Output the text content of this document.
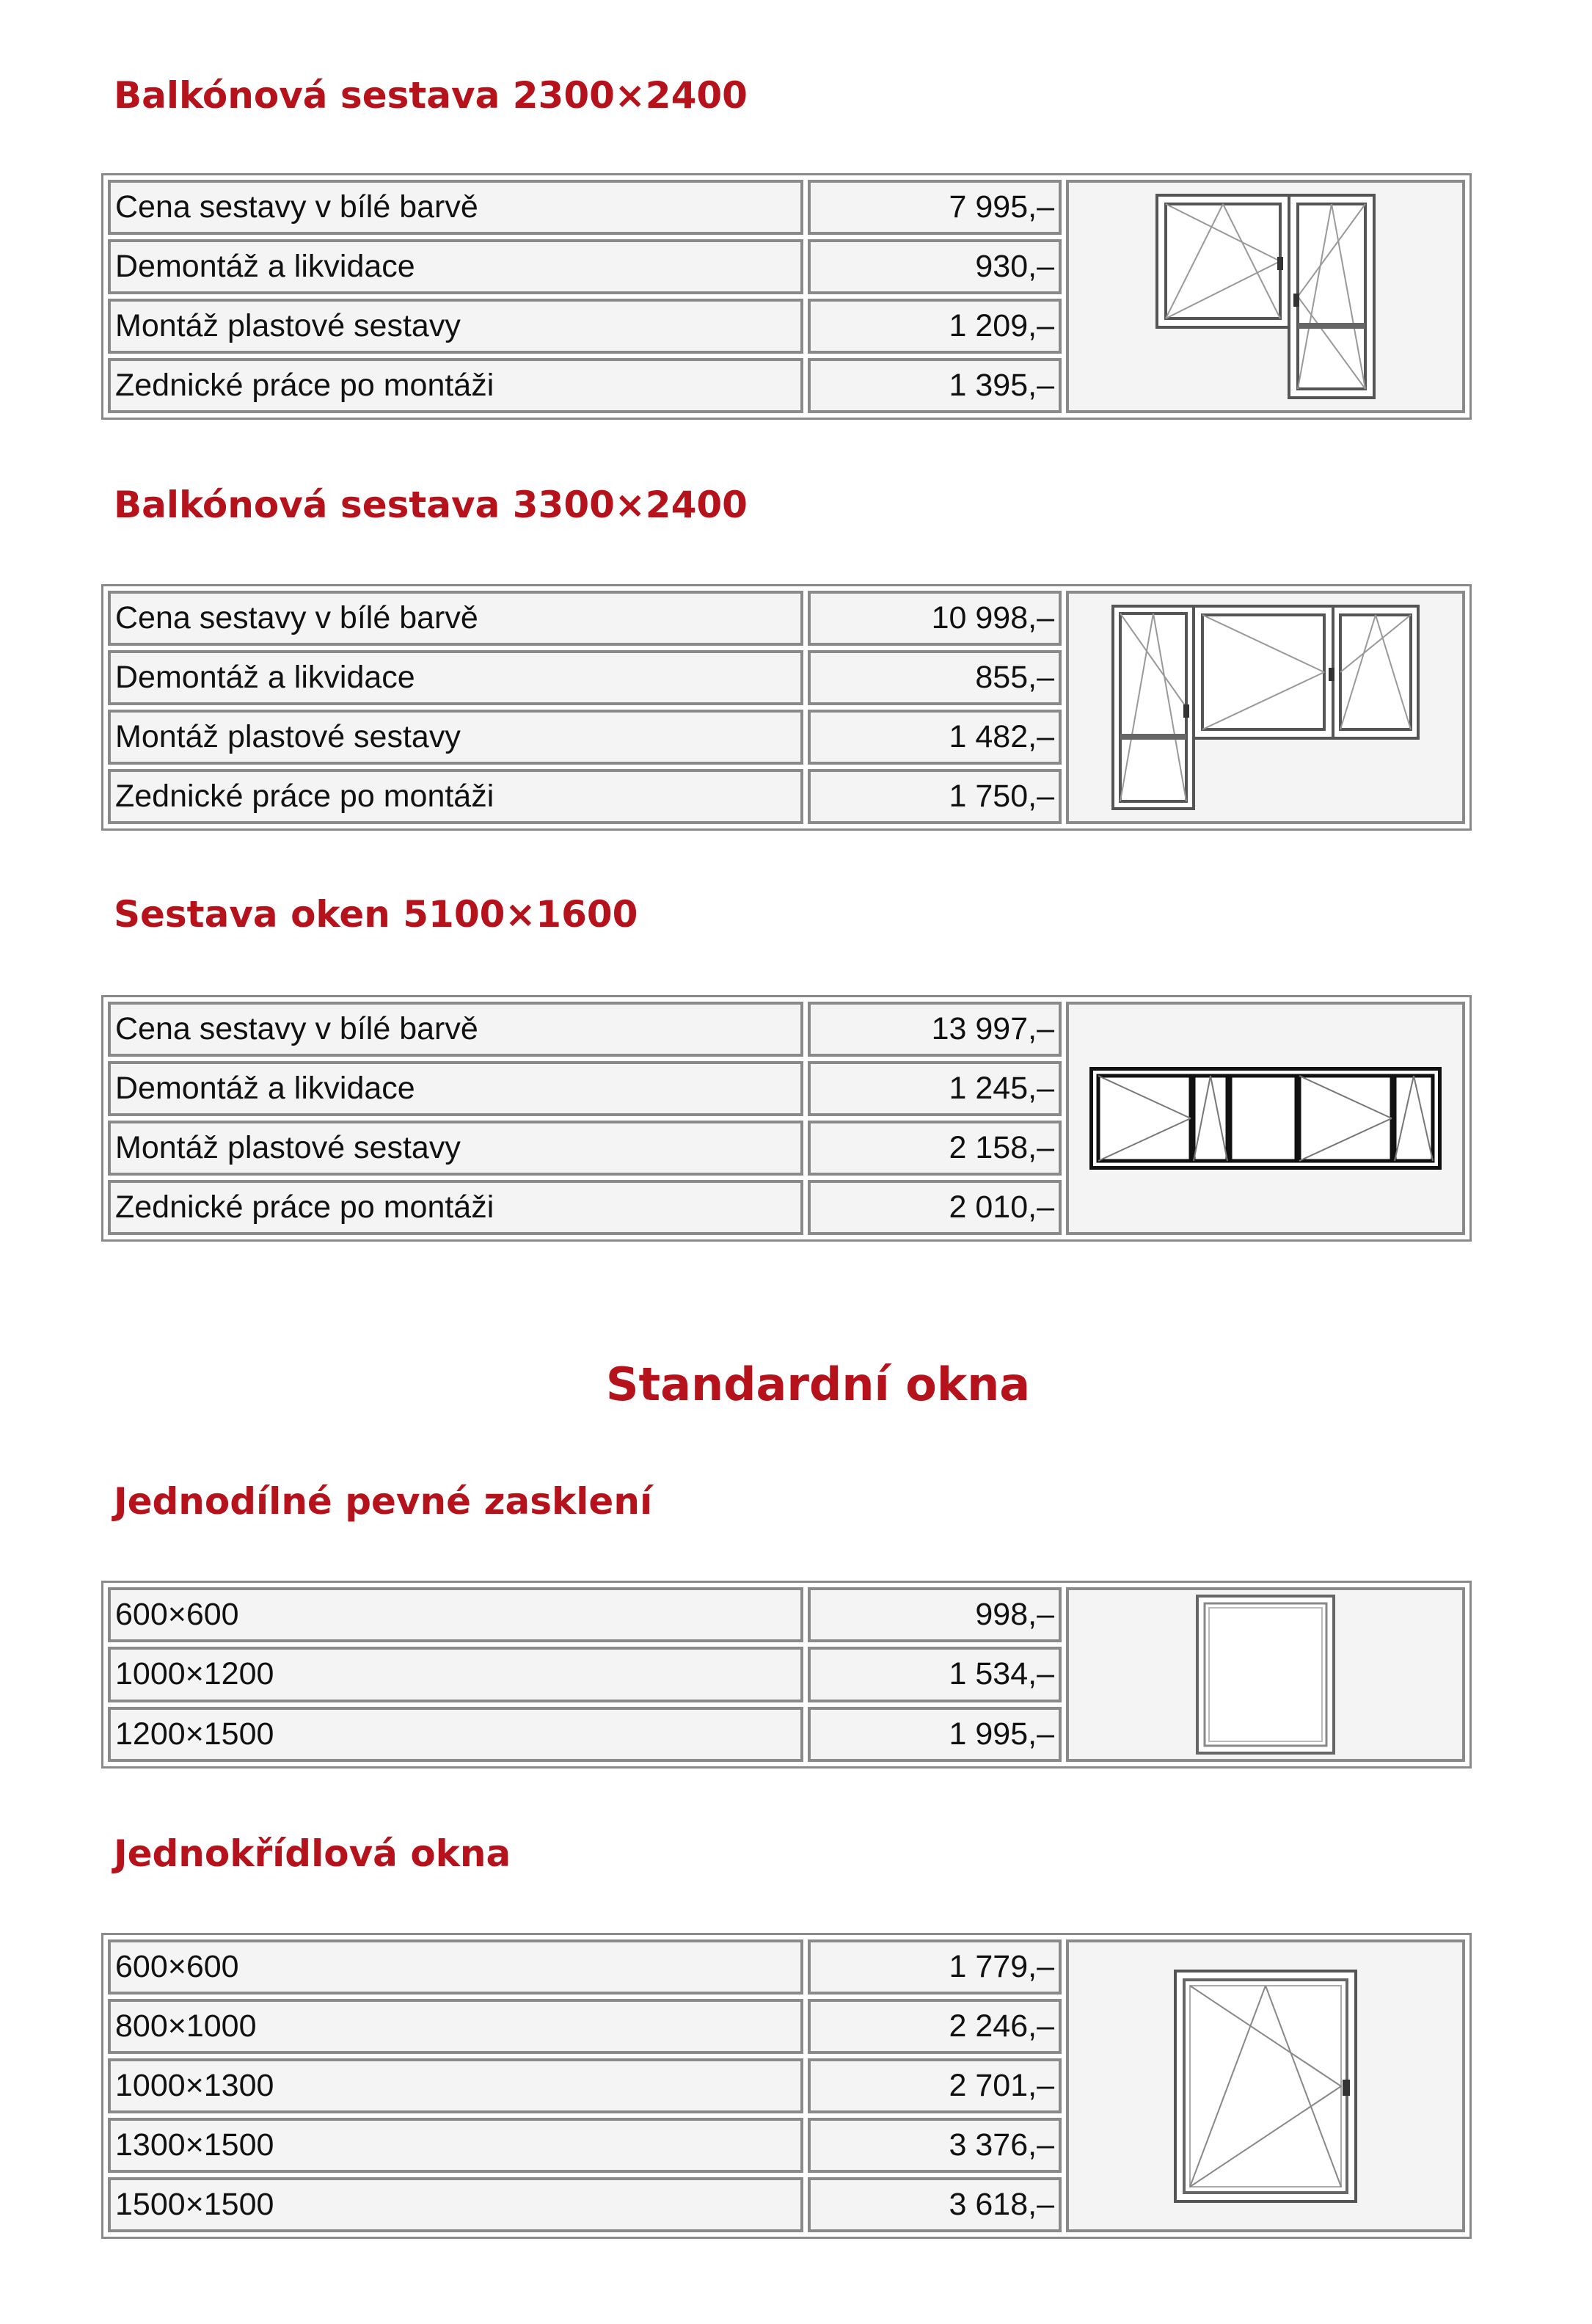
Balkónová sestava 2300×2400
Cena sestavy v bílé barvě	7 995,–	

Demontáž a likvidace	930,–	
Montáž plastové sestavy	1 209,–	
Zednické práce po montáži	1 395,–	
Balkónová sestava 3300×2400
Cena sestavy v bílé barvě	10 998,–	

Demontáž a likvidace	855,–	
Montáž plastové sestavy	1 482,–	
Zednické práce po montáži	1 750,–	
Sestava oken 5100×1600
Cena sestavy v bílé barvě	13 997,–	

Demontáž a likvidace	1 245,–	
Montáž plastové sestavy	2 158,–	
Zednické práce po montáži	2 010,–	
Standardní okna
Jednodílné pevné zasklení
600×600	998,–	

1000×1200	1 534,–	
1200×1500	1 995,–	
Jednokřídlová okna
600×600	1 779,–	

800×1000	2 246,–	
1000×1300	2 701,–	
1300×1500	3 376,–	
1500×1500	3 618,–	
